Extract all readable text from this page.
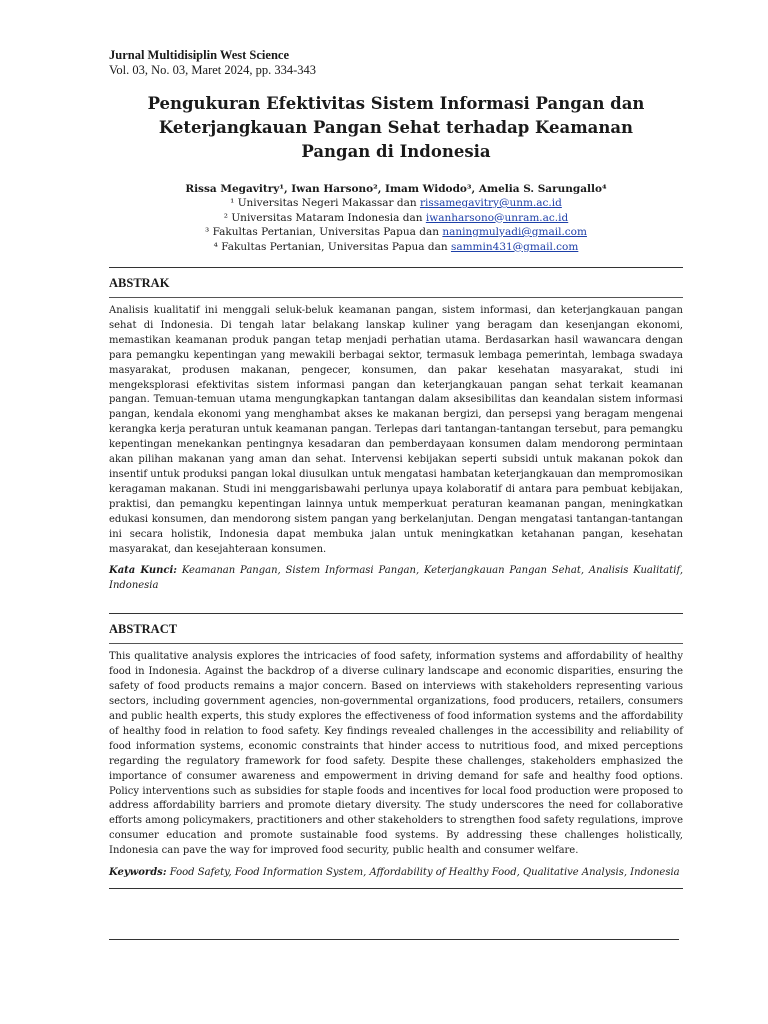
Jurnal Multidisiplin West Science

Vol. 03, No. 03, Maret 2024, pp. 334-343

Pengukuran Efektivitas Sistem Informasi Pangan dan Keterjangkauan Pangan Sehat terhadap Keamanan Pangan di Indonesia
Rissa Megavitry¹, Iwan Harsono², Imam Widodo³, Amelia S. Sarungallo⁴
¹ Universitas Negeri Makassar dan rissamegavitry@unm.ac.id
² Universitas Mataram Indonesia dan iwanharsono@unram.ac.id
³ Fakultas Pertanian, Universitas Papua dan naningmulyadi@gmail.com
⁴ Fakultas Pertanian, Universitas Papua dan sammin431@gmail.com
ABSTRAK

Analisis kualitatif ini menggali seluk-beluk keamanan pangan, sistem informasi, dan keterjangkauan pangan sehat di Indonesia. Di tengah latar belakang lanskap kuliner yang beragam dan kesenjangan ekonomi, memastikan keamanan produk pangan tetap menjadi perhatian utama. Berdasarkan hasil wawancara dengan para pemangku kepentingan yang mewakili berbagai sektor, termasuk lembaga pemerintah, lembaga swadaya masyarakat, produsen makanan, pengecer, konsumen, dan pakar kesehatan masyarakat, studi ini mengeksplorasi efektivitas sistem informasi pangan dan keterjangkauan pangan sehat terkait keamanan pangan. Temuan-temuan utama mengungkapkan tantangan dalam aksesibilitas dan keandalan sistem informasi pangan, kendala ekonomi yang menghambat akses ke makanan bergizi, dan persepsi yang beragam mengenai kerangka kerja peraturan untuk keamanan pangan. Terlepas dari tantangan-tantangan tersebut, para pemangku kepentingan menekankan pentingnya kesadaran dan pemberdayaan konsumen dalam mendorong permintaan akan pilihan makanan yang aman dan sehat. Intervensi kebijakan seperti subsidi untuk makanan pokok dan insentif untuk produksi pangan lokal diusulkan untuk mengatasi hambatan keterjangkauan dan mempromosikan keragaman makanan. Studi ini menggarisbawahi perlunya upaya kolaboratif di antara para pembuat kebijakan, praktisi, dan pemangku kepentingan lainnya untuk memperkuat peraturan keamanan pangan, meningkatkan edukasi konsumen, dan mendorong sistem pangan yang berkelanjutan. Dengan mengatasi tantangan-tantangan ini secara holistik, Indonesia dapat membuka jalan untuk meningkatkan ketahanan pangan, kesehatan masyarakat, dan kesejahteraan konsumen.

Kata Kunci: Keamanan Pangan, Sistem Informasi Pangan, Keterjangkauan Pangan Sehat, Analisis Kualitatif, Indonesia

ABSTRACT

This qualitative analysis explores the intricacies of food safety, information systems and affordability of healthy food in Indonesia. Against the backdrop of a diverse culinary landscape and economic disparities, ensuring the safety of food products remains a major concern. Based on interviews with stakeholders representing various sectors, including government agencies, non-governmental organizations, food producers, retailers, consumers and public health experts, this study explores the effectiveness of food information systems and the affordability of healthy food in relation to food safety. Key findings revealed challenges in the accessibility and reliability of food information systems, economic constraints that hinder access to nutritious food, and mixed perceptions regarding the regulatory framework for food safety. Despite these challenges, stakeholders emphasized the importance of consumer awareness and empowerment in driving demand for safe and healthy food options. Policy interventions such as subsidies for staple foods and incentives for local food production were proposed to address affordability barriers and promote dietary diversity. The study underscores the need for collaborative efforts among policymakers, practitioners and other stakeholders to strengthen food safety regulations, improve consumer education and promote sustainable food systems. By addressing these challenges holistically, Indonesia can pave the way for improved food security, public health and consumer welfare.

Keywords: Food Safety, Food Information System, Affordability of Healthy Food, Qualitative Analysis, Indonesia
